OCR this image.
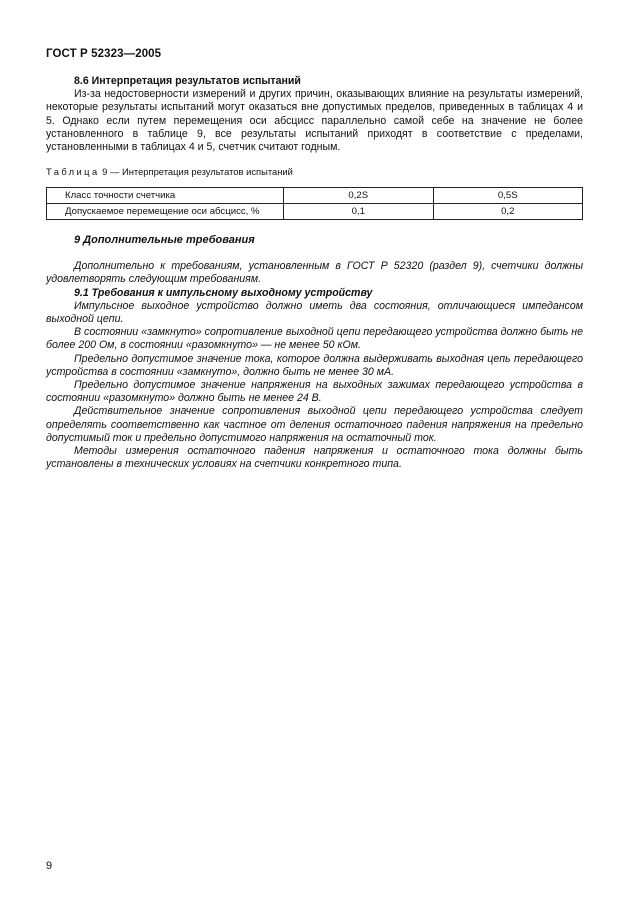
ГОСТ Р 52323—2005

8.6 Интерпретация результатов испытаний

Из-за недостоверности измерений и других причин, оказывающих влияние на результаты измерений, некоторые результаты испытаний могут оказаться вне допустимых пределов, приведенных в таблицах 4 и 5. Однако если путем перемещения оси абсцисс параллельно самой себе на значение не более установленного в таблице 9, все результаты испытаний приходят в соответствие с пределами, установленными в таблицах 4 и 5, счетчик считают годным.

Таблица 9 — Интерпретация результатов испытаний
Класс точности счетчика	0,2S	0,5S
Допускаемое перемещение оси абсцисс, %	0,1	0,2

9 Дополнительные требования

Дополнительно к требованиям, установленным в ГОСТ Р 52320 (раздел 9), счетчики должны удовлетворять следующим требованиям.

9.1 Требования к импульсному выходному устройству

Импульсное выходное устройство должно иметь два состояния, отличающиеся импедансом выходной цепи.

В состоянии «замкнуто» сопротивление выходной цепи передающего устройства должно быть не более 200 Ом, в состоянии «разомкнуто» — не менее 50 кОм.

Предельно допустимое значение тока, которое должна выдерживать выходная цепь передающего устройства в состоянии «замкнуто», должно быть не менее 30 мА.

Предельно допустимое значение напряжения на выходных зажимах передающего устройства в состоянии «разомкнуто» должно быть не менее 24 В.

Действительное значение сопротивления выходной цепи передающего устройства следует определять соответственно как частное от деления остаточного падения напряжения на предельно допустимый ток и предельно допустимого напряжения на остаточный ток.

Методы измерения остаточного падения напряжения и остаточного тока должны быть установлены в технических условиях на счетчики конкретного типа.

9
